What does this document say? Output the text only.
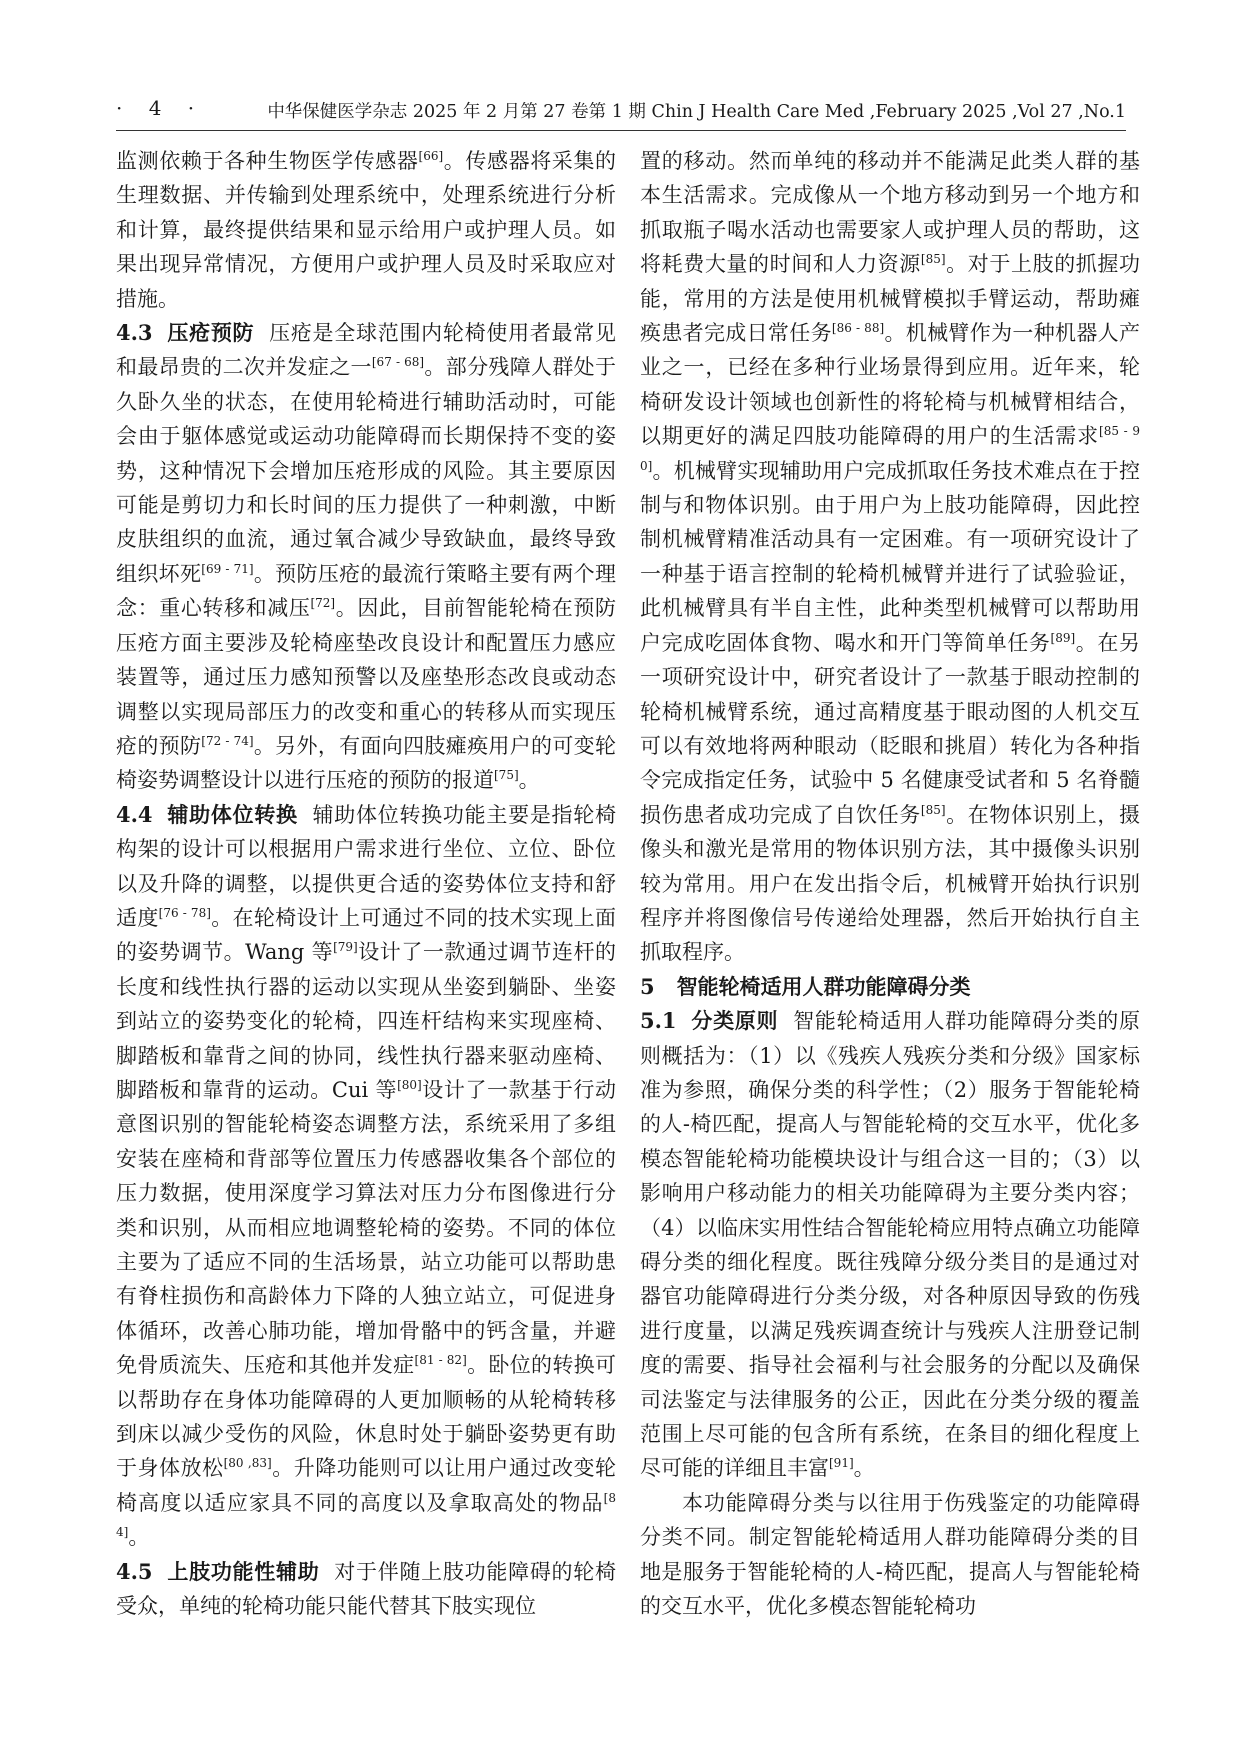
· 4 ·	中华保健医学杂志 2025 年 2 月第 27 卷第 1 期 Chin J Health Care Med ,February 2025 ,Vol 27 ,No.1

监测依赖于各种生物医学传感器[66]。传感器将采集的生理数据、并传输到处理系统中，处理系统进行分析和计算，最终提供结果和显示给用户或护理人员。如果出现异常情况，方便用户或护理人员及时采取应对措施。

4.3 压疮预防 压疮是全球范围内轮椅使用者最常见和最昂贵的二次并发症之一[67 - 68]。部分残障人群处于久卧久坐的状态，在使用轮椅进行辅助活动时，可能会由于躯体感觉或运动功能障碍而长期保持不变的姿势，这种情况下会增加压疮形成的风险。其主要原因可能是剪切力和长时间的压力提供了一种刺激，中断皮肤组织的血流，通过氧合减少导致缺血，最终导致组织坏死[69 - 71]。预防压疮的最流行策略主要有两个理念：重心转移和减压[72]。因此，目前智能轮椅在预防压疮方面主要涉及轮椅座垫改良设计和配置压力感应装置等，通过压力感知预警以及座垫形态改良或动态调整以实现局部压力的改变和重心的转移从而实现压疮的预防[72 - 74]。另外，有面向四肢瘫痪用户的可变轮椅姿势调整设计以进行压疮的预防的报道[75]。

4.4 辅助体位转换 辅助体位转换功能主要是指轮椅构架的设计可以根据用户需求进行坐位、立位、卧位以及升降的调整，以提供更合适的姿势体位支持和舒适度[76 - 78]。在轮椅设计上可通过不同的技术实现上面的姿势调节。Wang 等[79]设计了一款通过调节连杆的长度和线性执行器的运动以实现从坐姿到躺卧、坐姿到站立的姿势变化的轮椅，四连杆结构来实现座椅、脚踏板和靠背之间的协同，线性执行器来驱动座椅、脚踏板和靠背的运动。Cui 等[80]设计了一款基于行动意图识别的智能轮椅姿态调整方法，系统采用了多组安装在座椅和背部等位置压力传感器收集各个部位的压力数据，使用深度学习算法对压力分布图像进行分类和识别，从而相应地调整轮椅的姿势。不同的体位主要为了适应不同的生活场景，站立功能可以帮助患有脊柱损伤和高龄体力下降的人独立站立，可促进身体循环，改善心肺功能，增加骨骼中的钙含量，并避免骨质流失、压疮和其他并发症[81 - 82]。卧位的转换可以帮助存在身体功能障碍的人更加顺畅的从轮椅转移到床以减少受伤的风险，休息时处于躺卧姿势更有助于身体放松[80 ,83]。升降功能则可以让用户通过改变轮椅高度以适应家具不同的高度以及拿取高处的物品[84]。

4.5 上肢功能性辅助 对于伴随上肢功能障碍的轮椅受众，单纯的轮椅功能只能代替其下肢实现位

置的移动。然而单纯的移动并不能满足此类人群的基本生活需求。完成像从一个地方移动到另一个地方和抓取瓶子喝水活动也需要家人或护理人员的帮助，这将耗费大量的时间和人力资源[85]。对于上肢的抓握功能，常用的方法是使用机械臂模拟手臂运动，帮助瘫痪患者完成日常任务[86 - 88]。机械臂作为一种机器人产业之一，已经在多种行业场景得到应用。近年来，轮椅研发设计领域也创新性的将轮椅与机械臂相结合，以期更好的满足四肢功能障碍的用户的生活需求[85 - 90]。机械臂实现辅助用户完成抓取任务技术难点在于控制与和物体识别。由于用户为上肢功能障碍，因此控制机械臂精准活动具有一定困难。有一项研究设计了一种基于语言控制的轮椅机械臂并进行了试验验证，此机械臂具有半自主性，此种类型机械臂可以帮助用户完成吃固体食物、喝水和开门等简单任务[89]。在另一项研究设计中，研究者设计了一款基于眼动控制的轮椅机械臂系统，通过高精度基于眼动图的人机交互可以有效地将两种眼动（眨眼和挑眉）转化为各种指令完成指定任务，试验中 5 名健康受试者和 5 名脊髓损伤患者成功完成了自饮任务[85]。在物体识别上，摄像头和激光是常用的物体识别方法，其中摄像头识别较为常用。用户在发出指令后，机械臂开始执行识别程序并将图像信号传递给处理器，然后开始执行自主抓取程序。

5 智能轮椅适用人群功能障碍分类

5.1 分类原则 智能轮椅适用人群功能障碍分类的原则概括为：（1）以《残疾人残疾分类和分级》国家标准为参照，确保分类的科学性；（2）服务于智能轮椅的人-椅匹配，提高人与智能轮椅的交互水平，优化多模态智能轮椅功能模块设计与组合这一目的；（3）以影响用户移动能力的相关功能障碍为主要分类内容；（4）以临床实用性结合智能轮椅应用特点确立功能障碍分类的细化程度。既往残障分级分类目的是通过对器官功能障碍进行分类分级，对各种原因导致的伤残进行度量，以满足残疾调查统计与残疾人注册登记制度的需要、指导社会福利与社会服务的分配以及确保司法鉴定与法律服务的公正，因此在分类分级的覆盖范围上尽可能的包含所有系统，在条目的细化程度上尽可能的详细且丰富[91]。

本功能障碍分类与以往用于伤残鉴定的功能障碍分类不同。制定智能轮椅适用人群功能障碍分类的目地是服务于智能轮椅的人-椅匹配，提高人与智能轮椅的交互水平，优化多模态智能轮椅功
